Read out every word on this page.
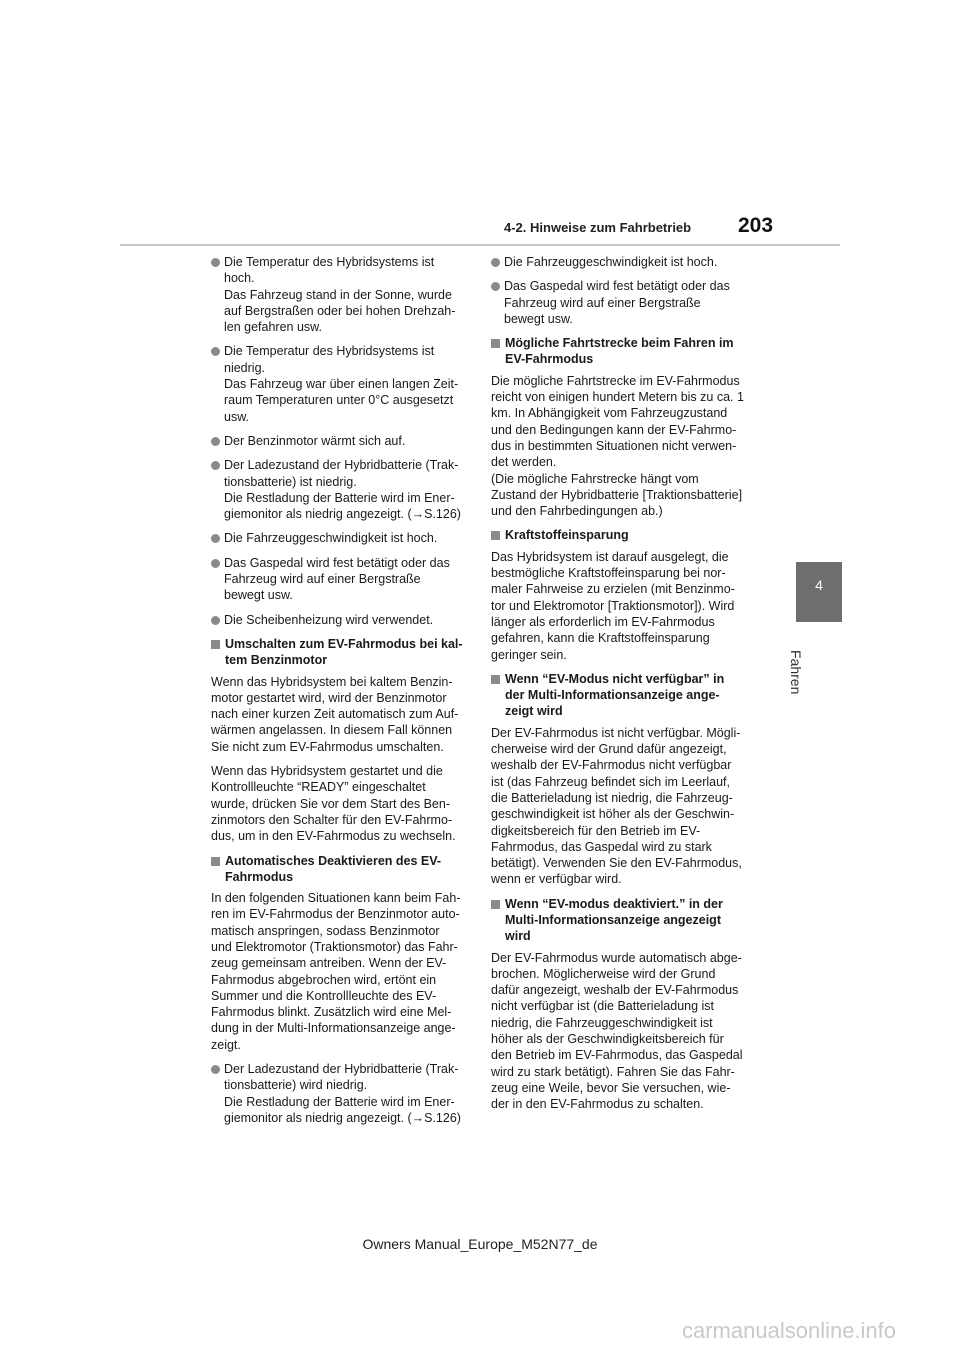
4-2. Hinweise zum Fahrbetrieb 203
4
Fahren
Die Temperatur des Hybridsystems ist
hoch.
Das Fahrzeug stand in der Sonne, wurde
auf Bergstraßen oder bei hohen Drehzah-
len gefahren usw.
Die Temperatur des Hybridsystems ist
niedrig.
Das Fahrzeug war über einen langen Zeit-
raum Temperaturen unter 0°C ausgesetzt
usw.
Der Benzinmotor wärmt sich auf.
Der Ladezustand der Hybridbatterie (Trak-
tionsbatterie) ist niedrig.
Die Restladung der Batterie wird im Ener-
giemonitor als niedrig angezeigt. (→S.126)
Die Fahrzeuggeschwindigkeit ist hoch.
Das Gaspedal wird fest betätigt oder das
Fahrzeug wird auf einer Bergstraße
bewegt usw.
Die Scheibenheizung wird verwendet.
Umschalten zum EV-Fahrmodus bei kal-
tem Benzinmotor

Wenn das Hybridsystem bei kaltem Benzin-
motor gestartet wird, wird der Benzinmotor
nach einer kurzen Zeit automatisch zum Auf-
wärmen angelassen. In diesem Fall können
Sie nicht zum EV-Fahrmodus umschalten.

Wenn das Hybridsystem gestartet und die
Kontrollleuchte “READY” eingeschaltet
wurde, drücken Sie vor dem Start des Ben-
zinmotors den Schalter für den EV-Fahrmo-
dus, um in den EV-Fahrmodus zu wechseln.

Automatisches Deaktivieren des EV-
Fahrmodus

In den folgenden Situationen kann beim Fah-
ren im EV-Fahrmodus der Benzinmotor auto-
matisch anspringen, sodass Benzinmotor
und Elektromotor (Traktionsmotor) das Fahr-
zeug gemeinsam antreiben. Wenn der EV-
Fahrmodus abgebrochen wird, ertönt ein
Summer und die Kontrollleuchte des EV-
Fahrmodus blinkt. Zusätzlich wird eine Mel-
dung in der Multi-Informationsanzeige ange-
zeigt.

Der Ladezustand der Hybridbatterie (Trak-
tionsbatterie) wird niedrig.
Die Restladung der Batterie wird im Ener-
giemonitor als niedrig angezeigt. (→S.126)
Die Fahrzeuggeschwindigkeit ist hoch.
Das Gaspedal wird fest betätigt oder das
Fahrzeug wird auf einer Bergstraße
bewegt usw.
Mögliche Fahrtstrecke beim Fahren im
EV-Fahrmodus

Die mögliche Fahrtstrecke im EV-Fahrmodus
reicht von einigen hundert Metern bis zu ca. 1
km. In Abhängigkeit vom Fahrzeugzustand
und den Bedingungen kann der EV-Fahrmo-
dus in bestimmten Situationen nicht verwen-
det werden.
(Die mögliche Fahrstrecke hängt vom
Zustand der Hybridbatterie [Traktionsbatterie]
und den Fahrbedingungen ab.)

Kraftstoffeinsparung

Das Hybridsystem ist darauf ausgelegt, die
bestmögliche Kraftstoffeinsparung bei nor-
maler Fahrweise zu erzielen (mit Benzinmo-
tor und Elektromotor [Traktionsmotor]). Wird
länger als erforderlich im EV-Fahrmodus
gefahren, kann die Kraftstoffeinsparung
geringer sein.

Wenn “EV-Modus nicht verfügbar” in
der Multi-Informationsanzeige ange-
zeigt wird

Der EV-Fahrmodus ist nicht verfügbar. Mögli-
cherweise wird der Grund dafür angezeigt,
weshalb der EV-Fahrmodus nicht verfügbar
ist (das Fahrzeug befindet sich im Leerlauf,
die Batterieladung ist niedrig, die Fahrzeug-
geschwindigkeit ist höher als der Geschwin-
digkeitsbereich für den Betrieb im EV-
Fahrmodus, das Gaspedal wird zu stark
betätigt). Verwenden Sie den EV-Fahrmodus,
wenn er verfügbar wird.

Wenn “EV-modus deaktiviert.” in der
Multi-Informationsanzeige angezeigt
wird

Der EV-Fahrmodus wurde automatisch abge-
brochen. Möglicherweise wird der Grund
dafür angezeigt, weshalb der EV-Fahrmodus
nicht verfügbar ist (die Batterieladung ist
niedrig, die Fahrzeuggeschwindigkeit ist
höher als der Geschwindigkeitsbereich für
den Betrieb im EV-Fahrmodus, das Gaspedal
wird zu stark betätigt). Fahren Sie das Fahr-
zeug eine Weile, bevor Sie versuchen, wie-
der in den EV-Fahrmodus zu schalten.

Owners Manual_Europe_M52N77_de
carmanualsonline.info
